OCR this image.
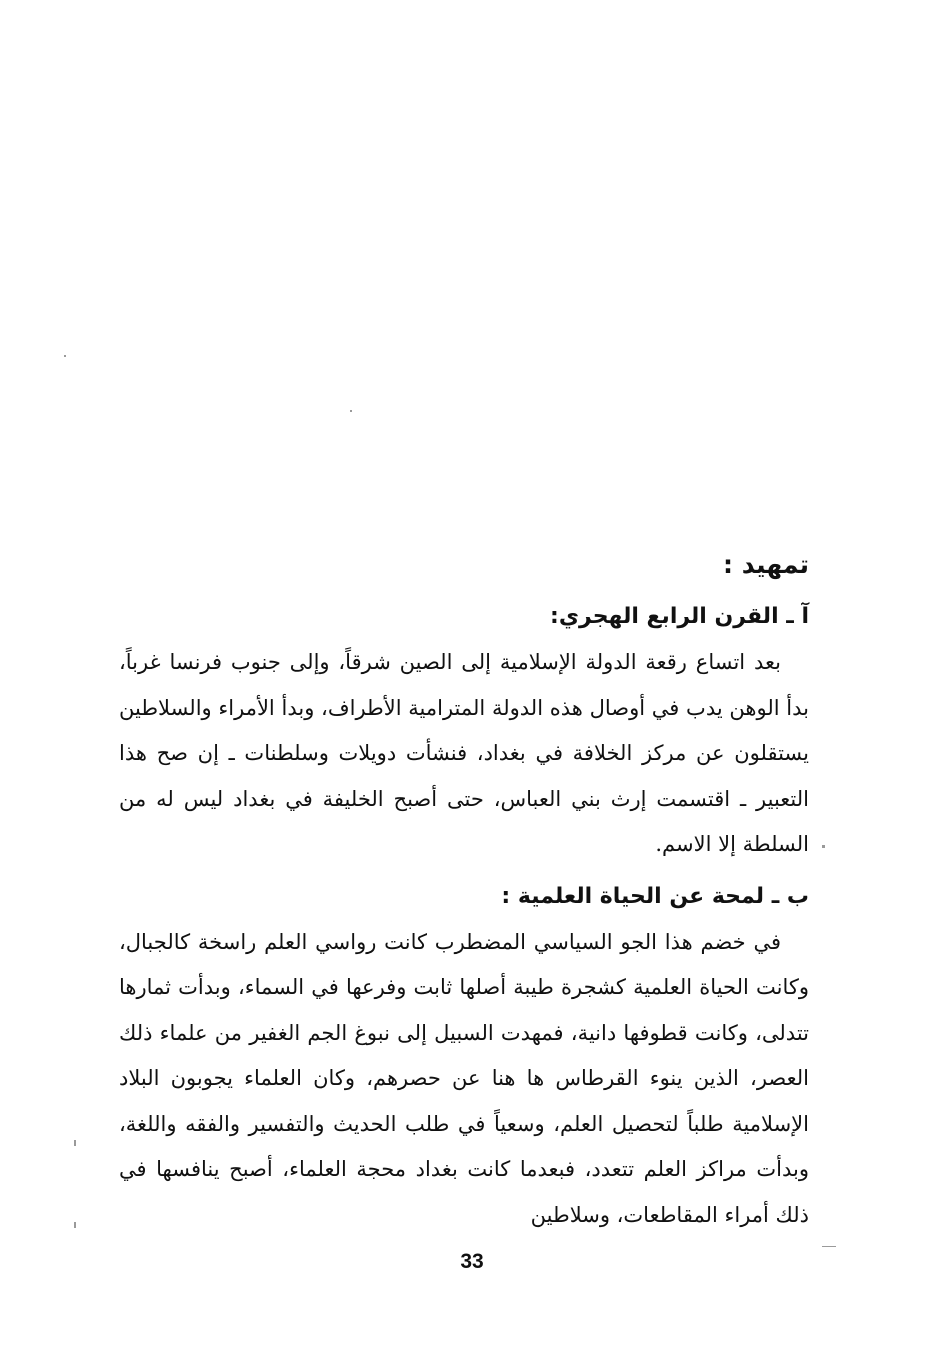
تمهيد :
آ ـ القرن الرابع الهجري:

بعد اتساع رقعة الدولة الإسلامية إلى الصين شرقاً، وإلى جنوب فرنسا غرباً، بدأ الوهن يدب في أوصال هذه الدولة المترامية الأطراف، وبدأ الأمراء والسلاطين يستقلون عن مركز الخلافة في بغداد، فنشأت دويلات وسلطنات ـ إن صح هذا التعبير ـ اقتسمت إرث بني العباس، حتى أصبح الخليفة في بغداد ليس له من السلطة إلا الاسم.

ب ـ لمحة عن الحياة العلمية :

في خضم هذا الجو السياسي المضطرب كانت رواسي العلم راسخة كالجبال، وكانت الحياة العلمية كشجرة طيبة أصلها ثابت وفرعها في السماء، وبدأت ثمارها تتدلى، وكانت قطوفها دانية، فمهدت السبيل إلى نبوغ الجم الغفير من علماء ذلك العصر، الذين ينوء القرطاس ها هنا عن حصرهم، وكان العلماء يجوبون البلاد الإسلامية طلباً لتحصيل العلم، وسعياً في طلب الحديث والتفسير والفقه واللغة، وبدأت مراكز العلم تتعدد، فبعدما كانت بغداد محجة العلماء، أصبح ينافسها في ذلك أمراء المقاطعات، وسلاطين

33
